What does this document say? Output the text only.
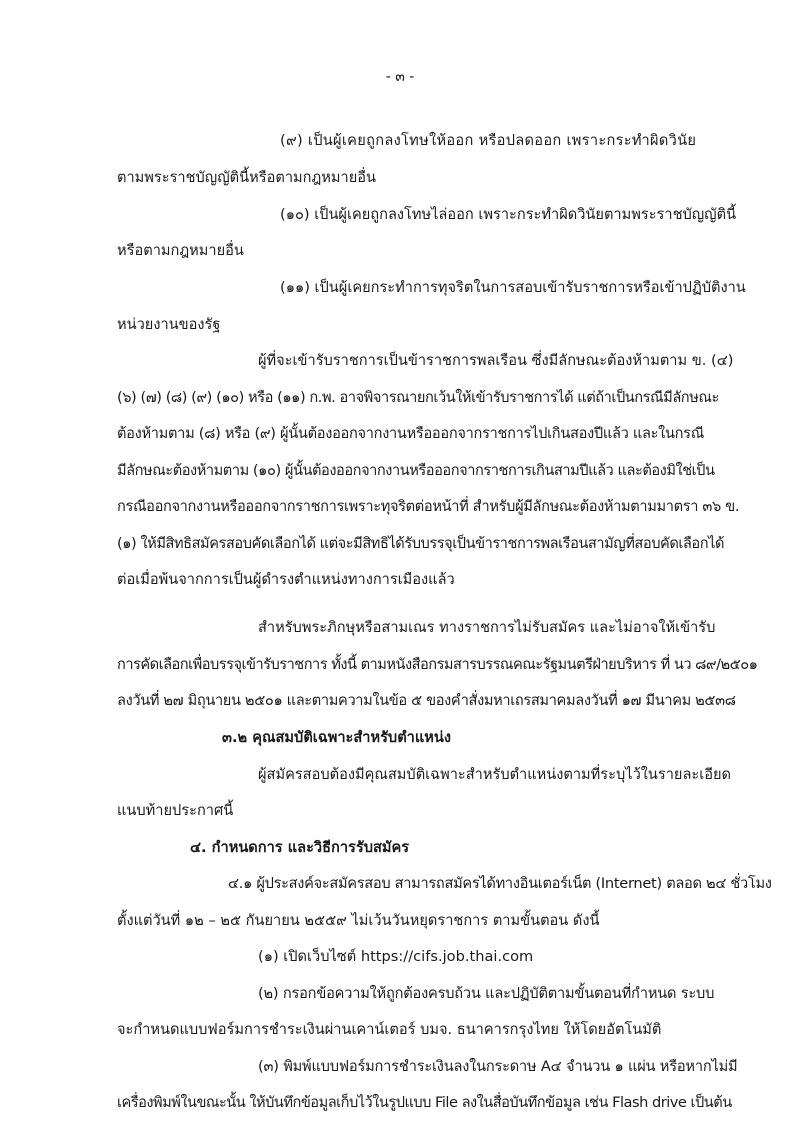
- ๓ -
(๙) เป็นผู้เคยถูกลงโทษให้ออก หรือปลดออก เพราะกระทำผิดวินัย
ตามพระราชบัญญัตินี้หรือตามกฎหมายอื่น
(๑๐) เป็นผู้เคยถูกลงโทษไล่ออก เพราะกระทำผิดวินัยตามพระราชบัญญัตินี้
หรือตามกฎหมายอื่น
(๑๑) เป็นผู้เคยกระทำการทุจริตในการสอบเข้ารับราชการหรือเข้าปฏิบัติงาน
หน่วยงานของรัฐ
ผู้ที่จะเข้ารับราชการเป็นข้าราชการพลเรือน ซึ่งมีลักษณะต้องห้ามตาม ข. (๔)
(๖) (๗) (๘) (๙) (๑๐) หรือ (๑๑) ก.พ. อาจพิจารณายกเว้นให้เข้ารับราชการได้ แต่ถ้าเป็นกรณีมีลักษณะ
ต้องห้ามตาม (๘) หรือ (๙) ผู้นั้นต้องออกจากงานหรือออกจากราชการไปเกินสองปีแล้ว และในกรณี
มีลักษณะต้องห้ามตาม (๑๐) ผู้นั้นต้องออกจากงานหรือออกจากราชการเกินสามปีแล้ว และต้องมิใช่เป็น
กรณีออกจากงานหรือออกจากราชการเพราะทุจริตต่อหน้าที่ สำหรับผู้มีลักษณะต้องห้ามตามมาตรา ๓๖ ข.
(๑) ให้มีสิทธิสมัครสอบคัดเลือกได้ แต่จะมีสิทธิได้รับบรรจุเป็นข้าราชการพลเรือนสามัญที่สอบคัดเลือกได้
ต่อเมื่อพ้นจากการเป็นผู้ดำรงตำแหน่งทางการเมืองแล้ว
สำหรับพระภิกษุหรือสามเณร ทางราชการไม่รับสมัคร และไม่อาจให้เข้ารับ
การคัดเลือกเพื่อบรรจุเข้ารับราชการ ทั้งนี้ ตามหนังสือกรมสารบรรณคณะรัฐมนตรีฝ่ายบริหาร ที่ นว ๘๙/๒๕๐๑
ลงวันที่ ๒๗ มิถุนายน ๒๕๐๑ และตามความในข้อ ๕ ของคำสั่งมหาเถรสมาคมลงวันที่ ๑๗ มีนาคม ๒๕๓๘
๓.๒ คุณสมบัติเฉพาะสำหรับตำแหน่ง
ผู้สมัครสอบต้องมีคุณสมบัติเฉพาะสำหรับตำแหน่งตามที่ระบุไว้ในรายละเอียด
แนบท้ายประกาศนี้
๔. กำหนดการ และวิธีการรับสมัคร
๔.๑ ผู้ประสงค์จะสมัครสอบ สามารถสมัครได้ทางอินเตอร์เน็ต (Internet) ตลอด ๒๔ ชั่วโมง
ตั้งแต่วันที่ ๑๒ – ๒๕ กันยายน ๒๕๕๙ ไม่เว้นวันหยุดราชการ ตามขั้นตอน ดังนี้
(๑) เปิดเว็บไซต์ https://cifs.job.thai.com
(๒) กรอกข้อความให้ถูกต้องครบถ้วน และปฏิบัติตามขั้นตอนที่กำหนด ระบบ
จะกำหนดแบบฟอร์มการชำระเงินผ่านเคาน์เตอร์ บมจ. ธนาคารกรุงไทย ให้โดยอัตโนมัติ
(๓) พิมพ์แบบฟอร์มการชำระเงินลงในกระดาษ A๔ จำนวน ๑ แผ่น หรือหากไม่มี
เครื่องพิมพ์ในขณะนั้น ให้บันทึกข้อมูลเก็บไว้ในรูปแบบ File ลงในสื่อบันทึกข้อมูล เช่น Flash drive เป็นต้น
